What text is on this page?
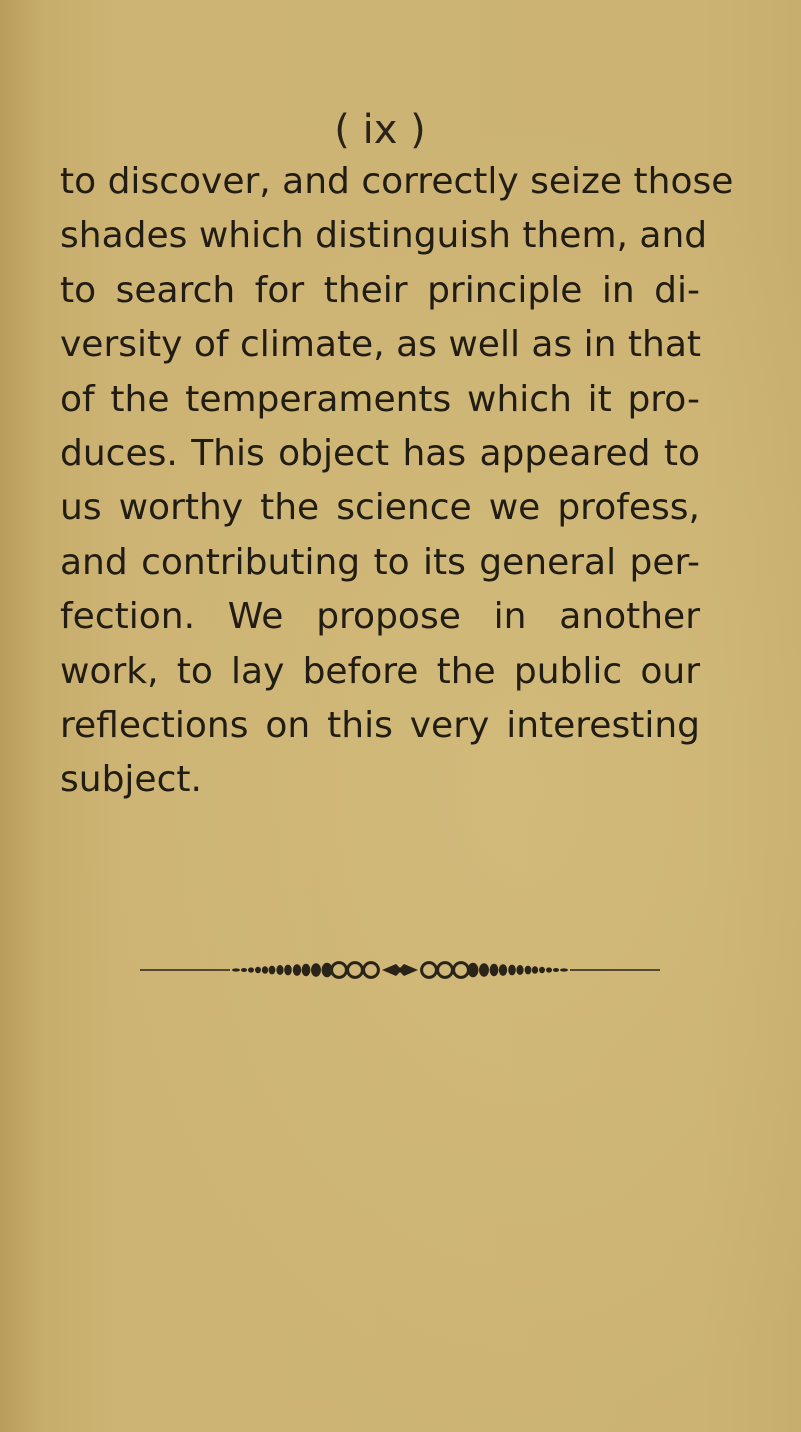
( ix )
to discover, and correctly seize those
shades which distinguish them, and
to search for their principle in di-
versity of climate, as well as in that
of the temperaments which it pro-
duces. This object has appeared to
us worthy the science we profess,
and contributing to its general per-
fection. We propose in another
work, to lay before the public our
reflections on this very interesting
subject.
